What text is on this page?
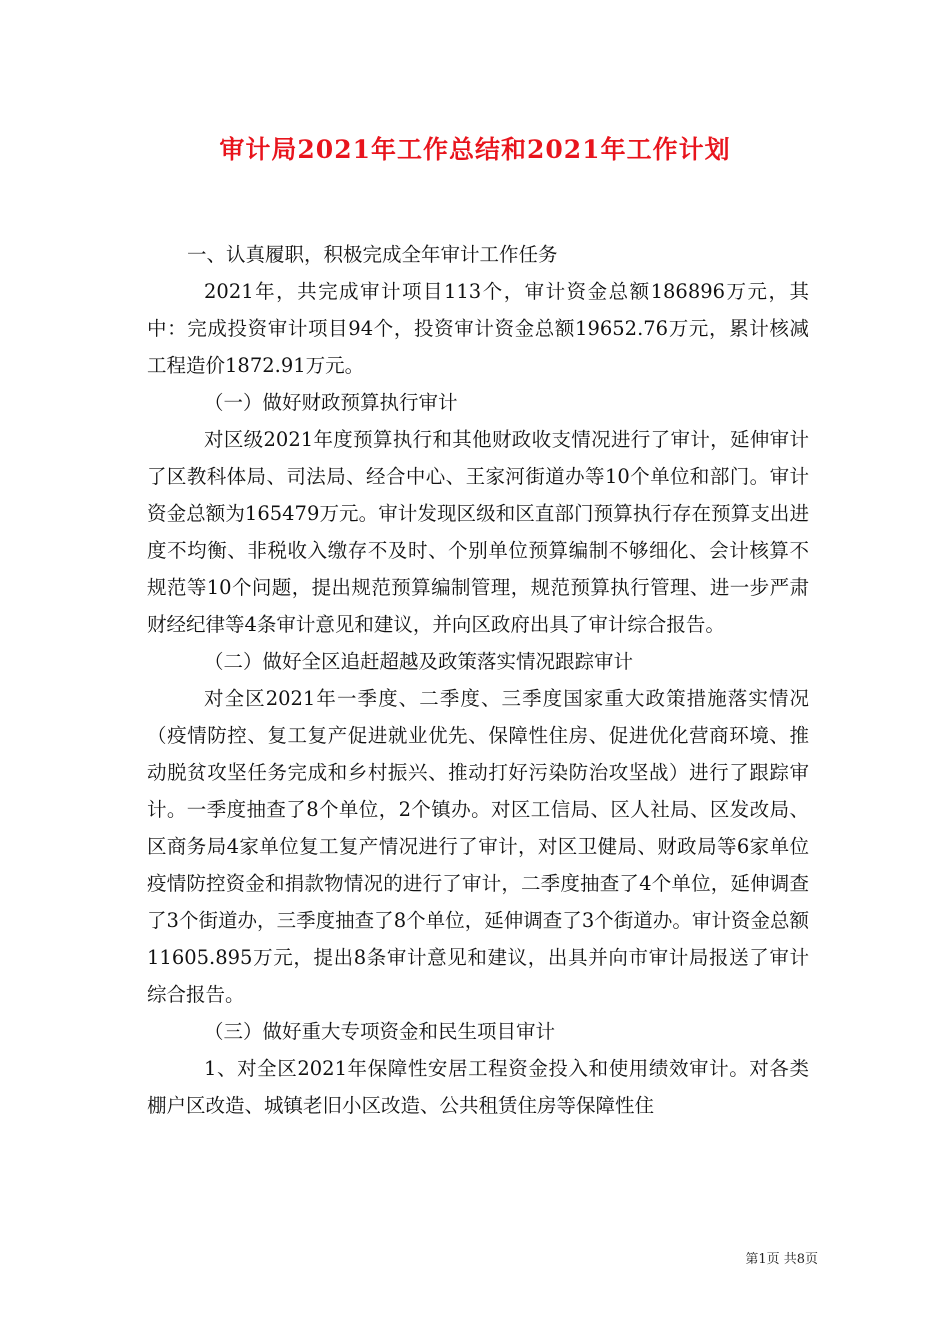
审计局2021年工作总结和2021年工作计划

一、认真履职，积极完成全年审计工作任务

2021年，共完成审计项目113个，审计资金总额186896万元，其中：完成投资审计项目94个，投资审计资金总额19652.76万元，累计核减工程造价1872.91万元。

（一）做好财政预算执行审计

对区级2021年度预算执行和其他财政收支情况进行了审计，延伸审计了区教科体局、司法局、经合中心、王家河街道办等10个单位和部门。审计资金总额为165479万元。审计发现区级和区直部门预算执行存在预算支出进度不均衡、非税收入缴存不及时、个别单位预算编制不够细化、会计核算不规范等10个问题，提出规范预算编制管理，规范预算执行管理、进一步严肃财经纪律等4条审计意见和建议，并向区政府出具了审计综合报告。

（二）做好全区追赶超越及政策落实情况跟踪审计

对全区2021年一季度、二季度、三季度国家重大政策措施落实情况（疫情防控、复工复产促进就业优先、保障性住房、促进优化营商环境、推动脱贫攻坚任务完成和乡村振兴、推动打好污染防治攻坚战）进行了跟踪审计。一季度抽查了8个单位，2个镇办。对区工信局、区人社局、区发改局、区商务局4家单位复工复产情况进行了审计，对区卫健局、财政局等6家单位疫情防控资金和捐款物情况的进行了审计，二季度抽查了4个单位，延伸调查了3个街道办，三季度抽查了8个单位，延伸调查了3个街道办。审计资金总额11605.895万元，提出8条审计意见和建议，出具并向市审计局报送了审计综合报告。

（三）做好重大专项资金和民生项目审计

1、对全区2021年保障性安居工程资金投入和使用绩效审计。对各类棚户区改造、城镇老旧小区改造、公共租赁住房等保障性住

第1页 共8页
